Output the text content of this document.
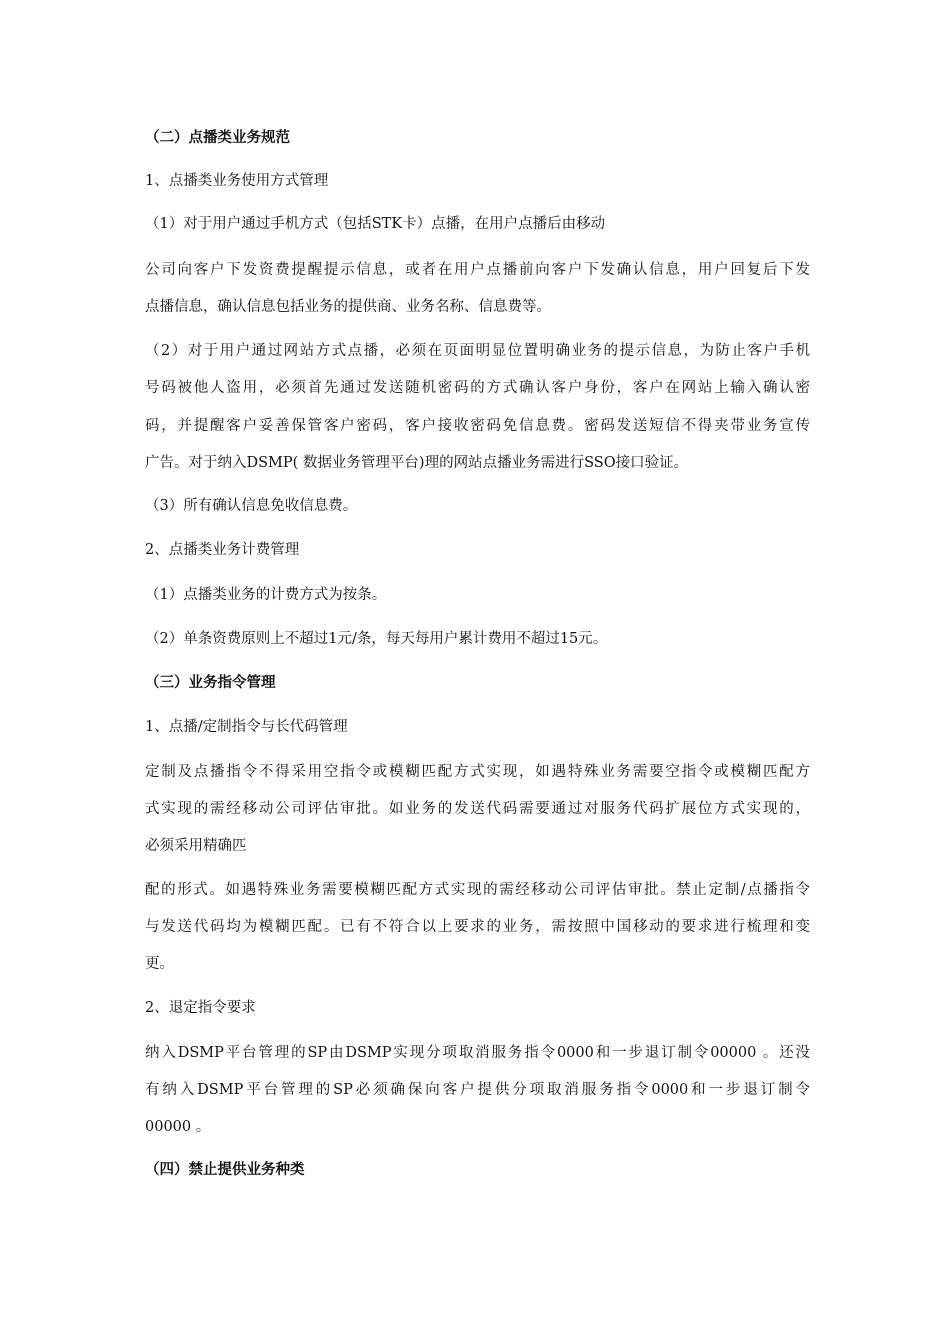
（二）点播类业务规范
1、点播类业务使用方式管理
（1）对于用户通过手机方式（包括STK卡）点播，在用户点播后由移动
公司向客户下发资费提醒提示信息，或者在用户点播前向客户下发确认信息，用户回复后下发
点播信息，确认信息包括业务的提供商、业务名称、信息费等。
（2）对于用户通过网站方式点播，必须在页面明显位置明确业务的提示信息，为防止客户手机
号码被他人盗用，必须首先通过发送随机密码的方式确认客户身份，客户在网站上输入确认密
码，并提醒客户妥善保管客户密码，客户接收密码免信息费。密码发送短信不得夹带业务宣传
广告。对于纳入DSMP( 数据业务管理平台)理的网站点播业务需进行SSO接口验证。
（3）所有确认信息免收信息费。
2、点播类业务计费管理
（1）点播类业务的计费方式为按条。
（2）单条资费原则上不超过1元/条，每天每用户累计费用不超过15元。
（三）业务指令管理
1、点播/定制指令与长代码管理
定制及点播指令不得采用空指令或模糊匹配方式实现，如遇特殊业务需要空指令或模糊匹配方
式实现的需经移动公司评估审批。如业务的发送代码需要通过对服务代码扩展位方式实现的，
必须采用精确匹
配的形式。如遇特殊业务需要模糊匹配方式实现的需经移动公司评估审批。禁止定制/点播指令
与发送代码均为模糊匹配。已有不符合以上要求的业务，需按照中国移动的要求进行梳理和变
更。
2、退定指令要求
纳入DSMP平台管理的SP由DSMP实现分项取消服务指令0000和一步退订制令00000 。还没
有纳入DSMP平台管理的SP必须确保向客户提供分项取消服务指令0000和一步退订制令
00000 。
（四）禁止提供业务种类
